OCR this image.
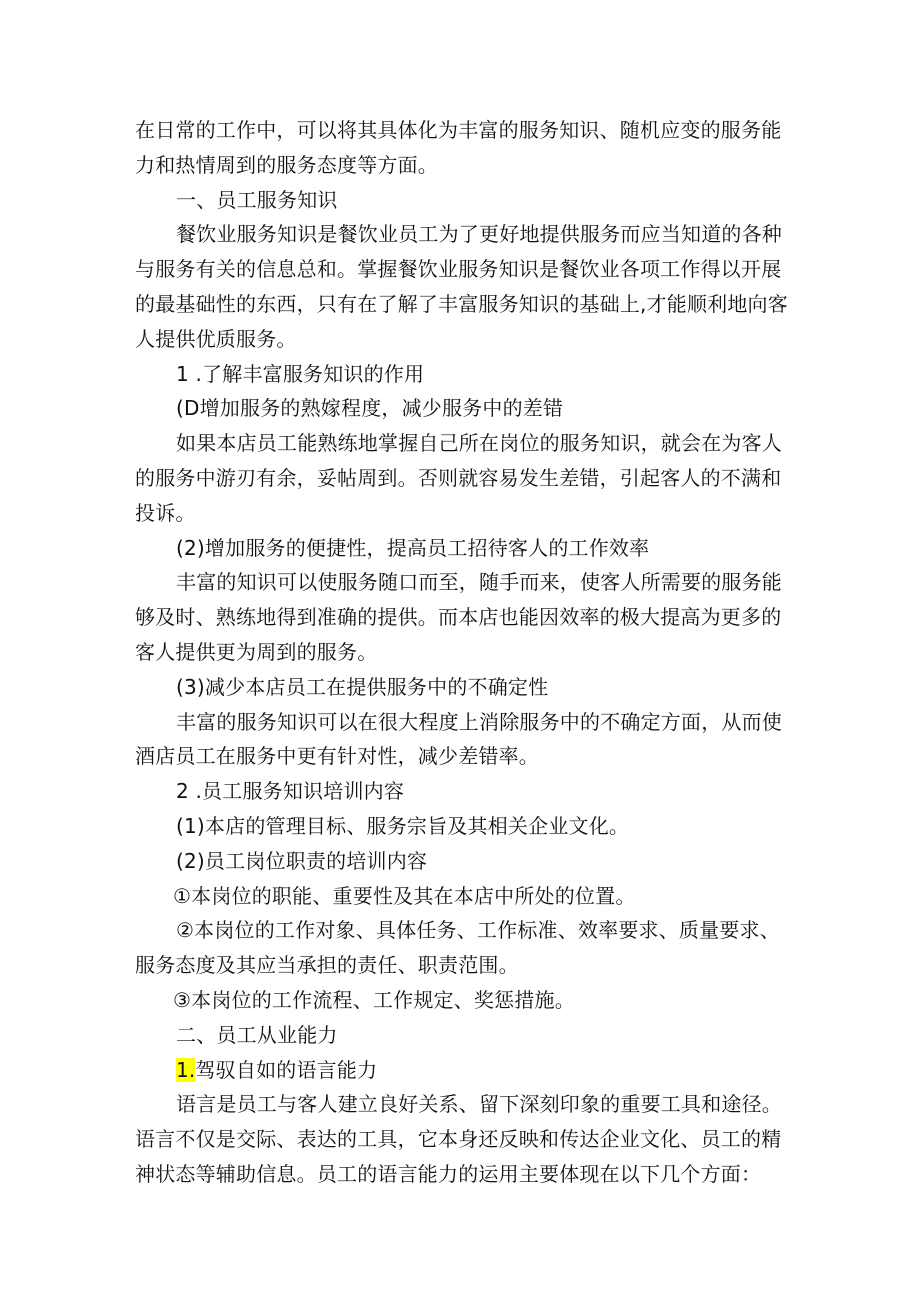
在日常的工作中，可以将其具体化为丰富的服务知识、随机应变的服务能
力和热情周到的服务态度等方面。
一、员工服务知识
餐饮业服务知识是餐饮业员工为了更好地提供服务而应当知道的各种
与服务有关的信息总和。掌握餐饮业服务知识是餐饮业各项工作得以开展
的最基础性的东西，只有在了解了丰富服务知识的基础上,才能顺利地向客
人提供优质服务。
1 .了解丰富服务知识的作用
(D增加服务的熟嫁程度，减少服务中的差错
如果本店员工能熟练地掌握自己所在岗位的服务知识，就会在为客人
的服务中游刃有余，妥帖周到。否则就容易发生差错，引起客人的不满和
投诉。
(2)增加服务的便捷性，提高员工招待客人的工作效率
丰富的知识可以使服务随口而至，随手而来，使客人所需要的服务能
够及时、熟练地得到准确的提供。而本店也能因效率的极大提高为更多的
客人提供更为周到的服务。
(3)减少本店员工在提供服务中的不确定性
丰富的服务知识可以在很大程度上消除服务中的不确定方面，从而使
酒店员工在服务中更有针对性，减少差错率。
2 .员工服务知识培训内容
(1)本店的管理目标、服务宗旨及其相关企业文化。
(2)员工岗位职责的培训内容
①本岗位的职能、重要性及其在本店中所处的位置。
②本岗位的工作对象、具体任务、工作标准、效率要求、质量要求、
服务态度及其应当承担的责任、职责范围。
③本岗位的工作流程、工作规定、奖惩措施。
二、员工从业能力
1.驾驭自如的语言能力
语言是员工与客人建立良好关系、留下深刻印象的重要工具和途径。
语言不仅是交际、表达的工具，它本身还反映和传达企业文化、员工的精
神状态等辅助信息。员工的语言能力的运用主要体现在以下几个方面：
